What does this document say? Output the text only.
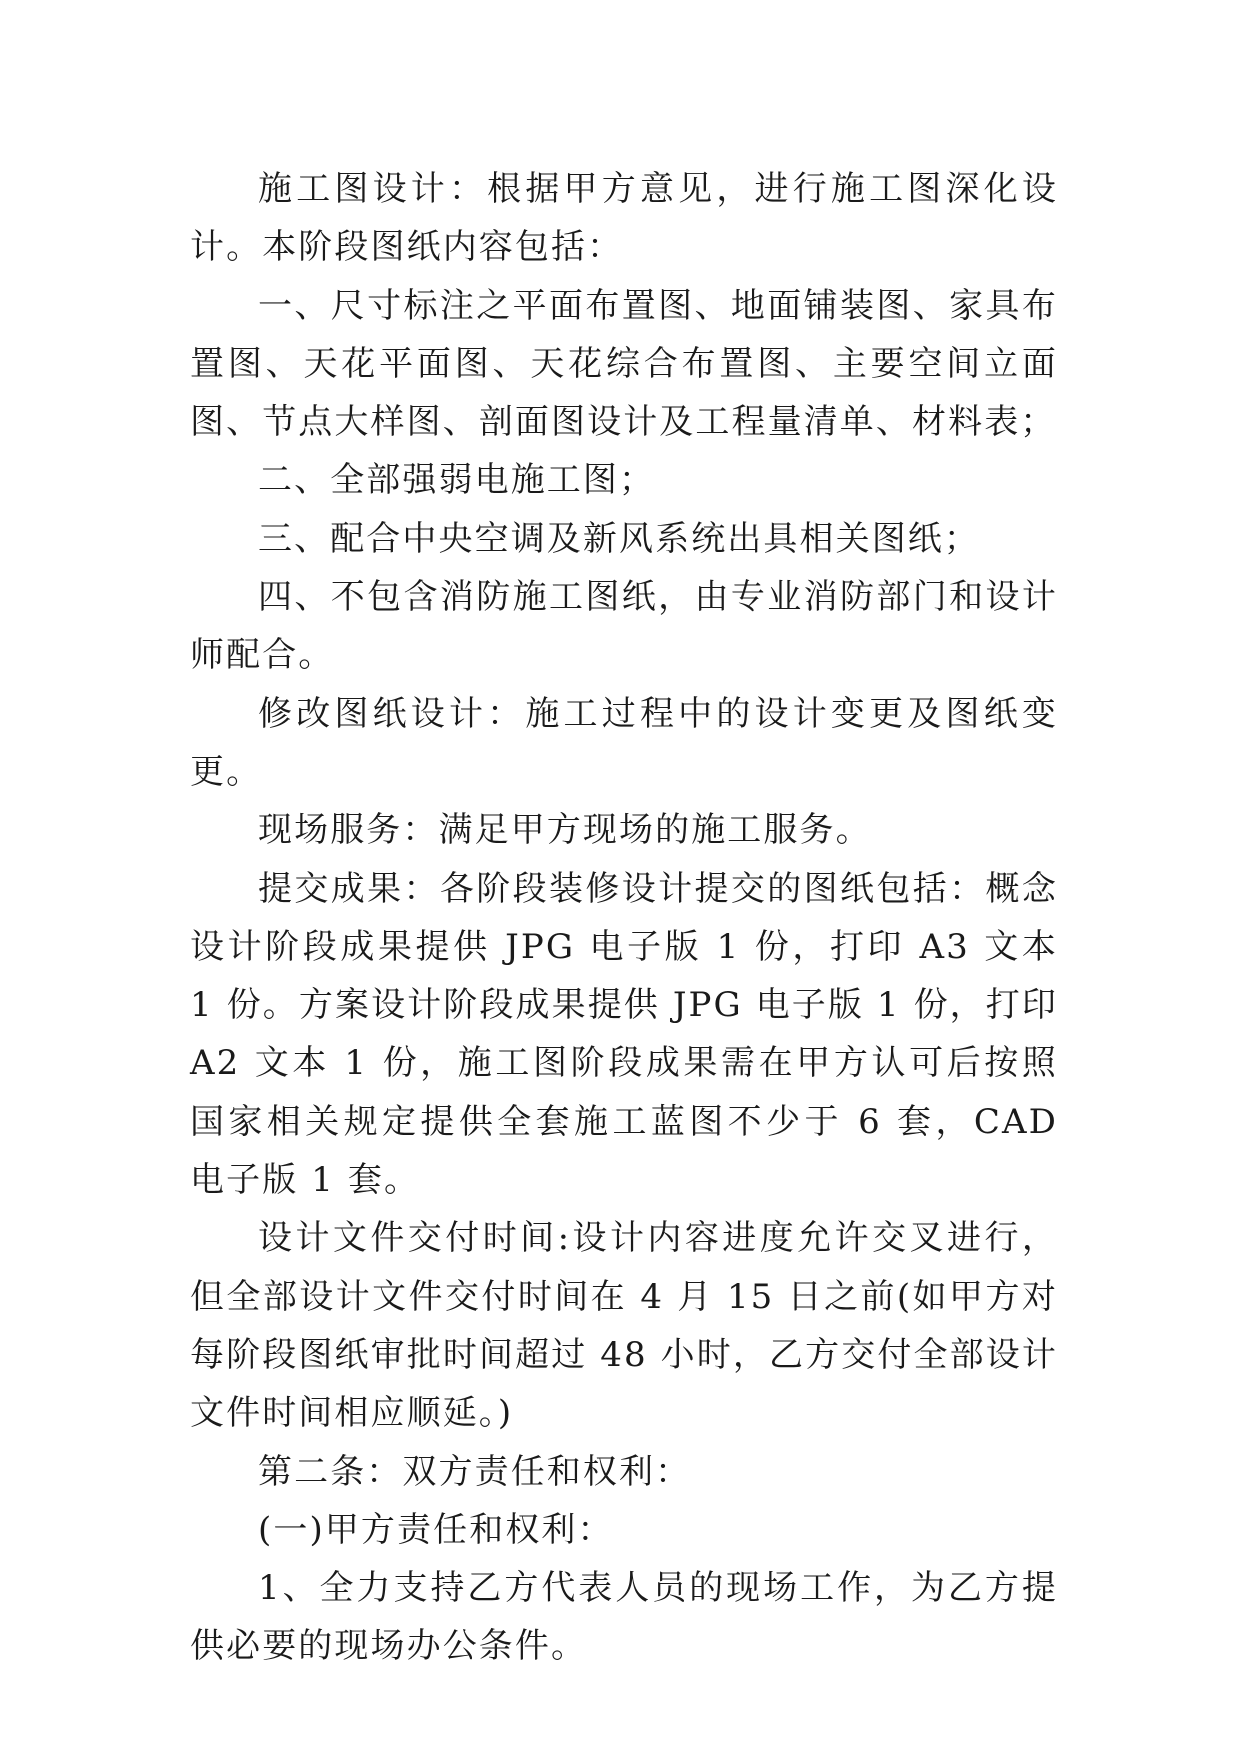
施工图设计：根据甲方意见，进行施工图深化设计。本阶段图纸内容包括：

一、尺寸标注之平面布置图、地面铺装图、家具布置图、天花平面图、天花综合布置图、主要空间立面图、节点大样图、剖面图设计及工程量清单、材料表；

二、全部强弱电施工图；

三、配合中央空调及新风系统出具相关图纸；

四、不包含消防施工图纸，由专业消防部门和设计师配合。

修改图纸设计：施工过程中的设计变更及图纸变更。

现场服务：满足甲方现场的施工服务。

提交成果：各阶段装修设计提交的图纸包括：概念设计阶段成果提供 JPG 电子版 1 份，打印 A3 文本 1 份。方案设计阶段成果提供 JPG 电子版 1 份，打印 A2 文本 1 份，施工图阶段成果需在甲方认可后按照国家相关规定提供全套施工蓝图不少于 6 套，CAD 电子版 1 套。

设计文件交付时间:设计内容进度允许交叉进行，但全部设计文件交付时间在 4 月 15 日之前(如甲方对每阶段图纸审批时间超过 48 小时，乙方交付全部设计文件时间相应顺延。)

第二条：双方责任和权利：

(一)甲方责任和权利：

1、全力支持乙方代表人员的现场工作，为乙方提供必要的现场办公条件。
